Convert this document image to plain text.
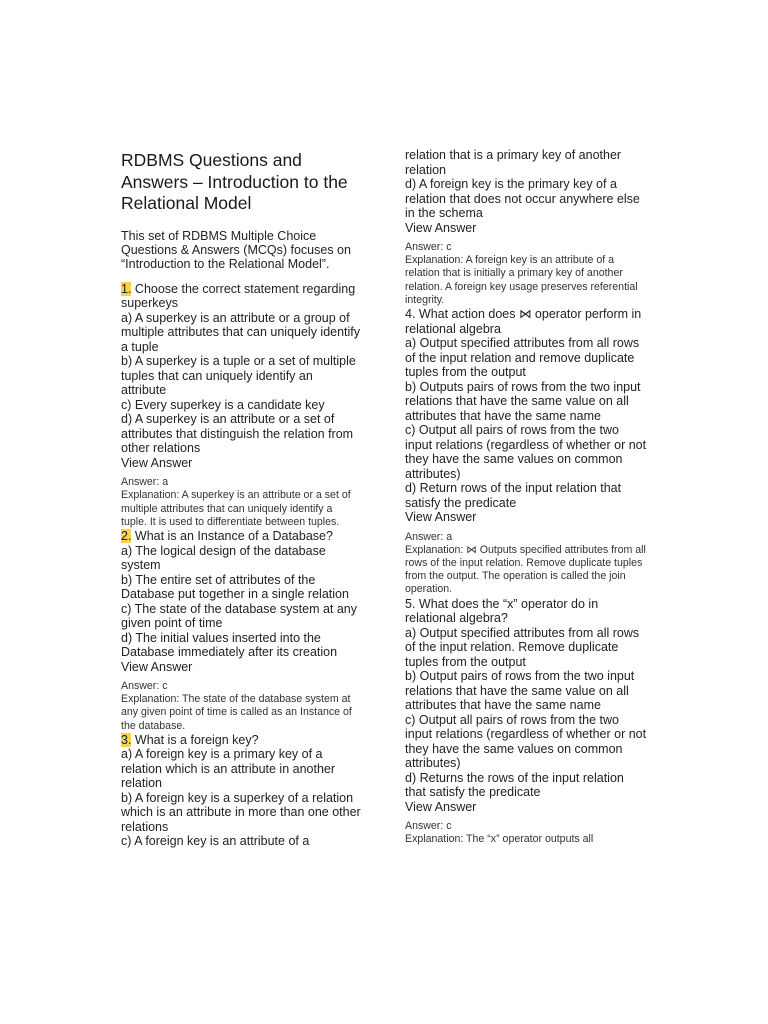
RDBMS Questions and Answers – Introduction to the Relational Model

This set of RDBMS Multiple Choice Questions & Answers (MCQs) focuses on “Introduction to the Relational Model”.

1. Choose the correct statement regarding superkeys

a) A superkey is an attribute or a group of multiple attributes that can uniquely identify a tuple

b) A superkey is a tuple or a set of multiple tuples that can uniquely identify an attribute

c) Every superkey is a candidate key

d) A superkey is an attribute or a set of attributes that distinguish the relation from other relations

View Answer

Answer: a

Explanation: A superkey is an attribute or a set of multiple attributes that can uniquely identify a tuple. It is used to differentiate between tuples.

2. What is an Instance of a Database?

a) The logical design of the database system

b) The entire set of attributes of the Database put together in a single relation

c) The state of the database system at any given point of time

d) The initial values inserted into the Database immediately after its creation

View Answer

Answer: c

Explanation: The state of the database system at any given point of time is called as an Instance of the database.

3. What is a foreign key?

a) A foreign key is a primary key of a relation which is an attribute in another relation

b) A foreign key is a superkey of a relation which is an attribute in more than one other relations

c) A foreign key is an attribute of a

relation that is a primary key of another relation

d) A foreign key is the primary key of a relation that does not occur anywhere else in the schema

View Answer

Answer: c

Explanation: A foreign key is an attribute of a relation that is initially a primary key of another relation. A foreign key usage preserves referential integrity.

4. What action does ⋈ operator perform in relational algebra

a) Output specified attributes from all rows of the input relation and remove duplicate tuples from the output

b) Outputs pairs of rows from the two input relations that have the same value on all attributes that have the same name

c) Output all pairs of rows from the two input relations (regardless of whether or not they have the same values on common attributes)

d) Return rows of the input relation that satisfy the predicate

View Answer

Answer: a

Explanation: ⋈ Outputs specified attributes from all rows of the input relation. Remove duplicate tuples from the output. The operation is called the join operation.

5. What does the “x” operator do in relational algebra?

a) Output specified attributes from all rows of the input relation. Remove duplicate tuples from the output

b) Output pairs of rows from the two input relations that have the same value on all attributes that have the same name

c) Output all pairs of rows from the two input relations (regardless of whether or not they have the same values on common attributes)

d) Returns the rows of the input relation that satisfy the predicate

View Answer

Answer: c

Explanation: The “x” operator outputs all
